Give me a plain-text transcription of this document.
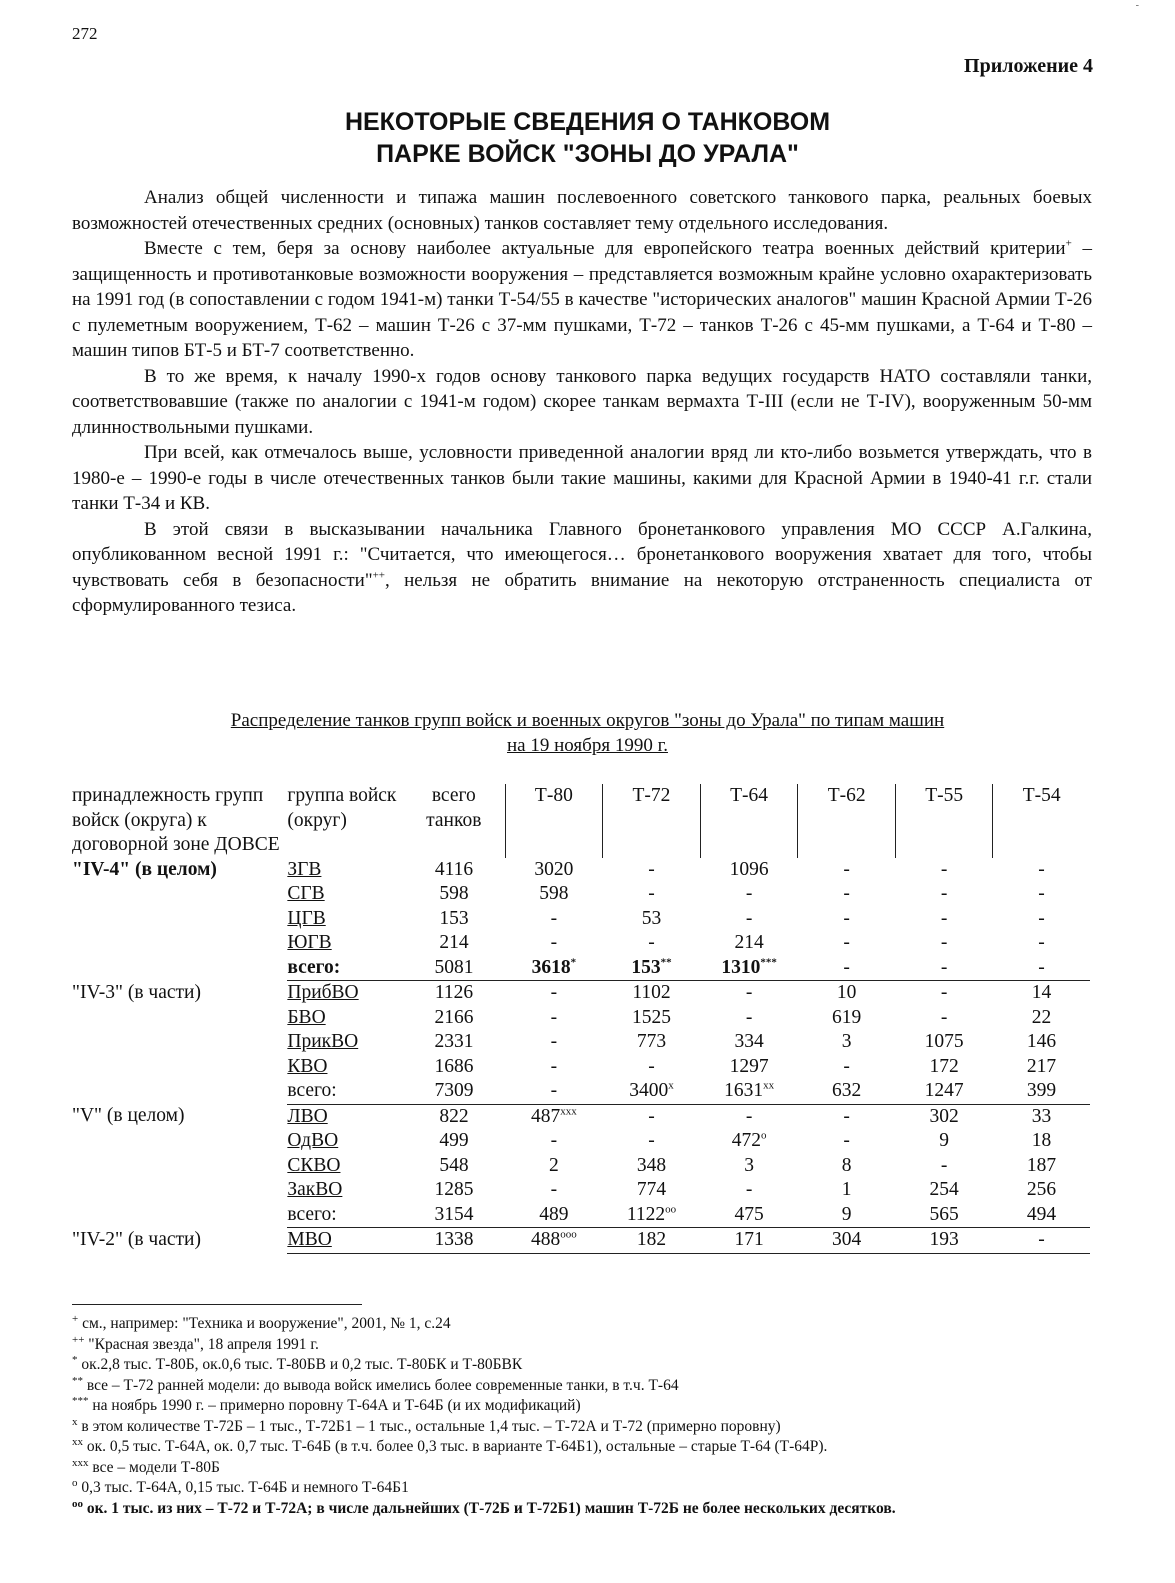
272
-
Приложение 4
НЕКОТОРЫЕ СВЕДЕНИЯ О ТАНКОВОМ
ПАРКЕ ВОЙСК "ЗОНЫ ДО УРАЛА"

Анализ общей численности и типажа машин послевоенного советского танкового парка, реальных боевых возможностей отечественных средних (основных) танков составляет тему отдельного исследования.

Вместе с тем, беря за основу наиболее актуальные для европейского театра военных действий критерии+ – защищенность и противотанковые возможности вооружения – представляется возможным крайне условно охарактеризовать на 1991 год (в сопоставлении с годом 1941-м) танки Т-54/55 в качестве "исторических аналогов" машин Красной Армии Т-26 с пулеметным вооружением, Т-62 – машин Т-26 с 37-мм пушками, Т-72 – танков Т-26 с 45-мм пушками, а Т-64 и Т-80 – машин типов БТ-5 и БТ-7 соответственно.

В то же время, к началу 1990-х годов основу танкового парка ведущих государств НАТО составляли танки, соответствовавшие (также по аналогии с 1941-м годом) скорее танкам вермахта Т-III (если не Т-IV), вооруженным 50-мм длинноствольными пушками.

При всей, как отмечалось выше, условности приведенной аналогии вряд ли кто-либо возьмется утверждать, что в 1980-е – 1990-е годы в числе отечественных танков были такие машины, какими для Красной Армии в 1940-41 г.г. стали танки Т-34 и КВ.

В этой связи в высказывании начальника Главного бронетанкового управления МО СССР А.Галкина, опубликованном весной 1991 г.: "Считается, что имеющегося… бронетанкового вооружения хватает для того, чтобы чувствовать себя в безопасности"++, нельзя не обратить внимание на некоторую отстраненность специалиста от сформулированного тезиса.

Распределение танков групп войск и военных округов "зоны до Урала" по типам машин
на 19 ноября 1990 г.
принадлежность групп войск (округа) к договорной зоне ДОВСЕ	группа войск (округ)	всего танков	Т-80	Т-72	Т-64	Т-62	Т-55	Т-54
"IV-4" (в целом)	ЗГВ	4116	3020	-	1096	-	-	-
	СГВ	598	598	-	-	-	-	-
	ЦГВ	153	-	53	-	-	-	-
	ЮГВ	214	-	-	214	-	-	-
	всего:	5081	3618*	153**	1310***	-	-	-
"IV-3" (в части)	ПрибВО	1126	-	1102	-	10	-	14
	БВО	2166	-	1525	-	619	-	22
	ПрикВО	2331	-	773	334	3	1075	146
	КВО	1686	-	-	1297	-	172	217
	всего:	7309	-	3400$^x$	1631$^{xx}$	632	1247	399
"V" (в целом)	ЛВО	822	487$^{xxx}$	-	-	-	302	33
	ОдВО	499	-	-	472$^o$	-	9	18
	СКВО	548	2	348	3	8	-	187
	ЗакВО	1285	-	774	-	1	254	256
	всего:	3154	489	$1122^{oo}$	475	9	565	494
"IV-2" (в части)	МВО	1338	$488^{ooo}$	182	171	304	193	-
+ см., например: "Техника и вооружение", 2001, № 1, с.24
++ "Красная звезда", 18 апреля 1991 г.
* ок.2,8 тыс. Т-80Б, ок.0,6 тыс. Т-80БВ и 0,2 тыс. Т-80БК и Т-80БВК
** все – Т-72 ранней модели: до вывода войск имелись более современные танки, в т.ч. Т-64
*** на ноябрь 1990 г. – примерно поровну Т-64А и Т-64Б (и их модификаций)
$^x$ в этом количестве Т-72Б – 1 тыс., Т-72Б1 – 1 тыс., остальные 1,4 тыс. – Т-72А и Т-72 (примерно поровну)
$^{xx}$ ок. 0,5 тыс. Т-64А, ок. 0,7 тыс. Т-64Б (в т.ч. более 0,3 тыс. в варианте Т-64Б1), остальные – старые Т-64 (Т-64Р).
$^{xxx}$ все – модели Т-80Б
$^o$ 0,3 тыс. Т-64А, 0,15 тыс. Т-64Б и немного Т-64Б1
$^{oo}$ ок. 1 тыс. из них – Т-72 и Т-72А; в числе дальнейших (Т-72Б и Т-72Б1) машин Т-72Б не более нескольких десятков.
